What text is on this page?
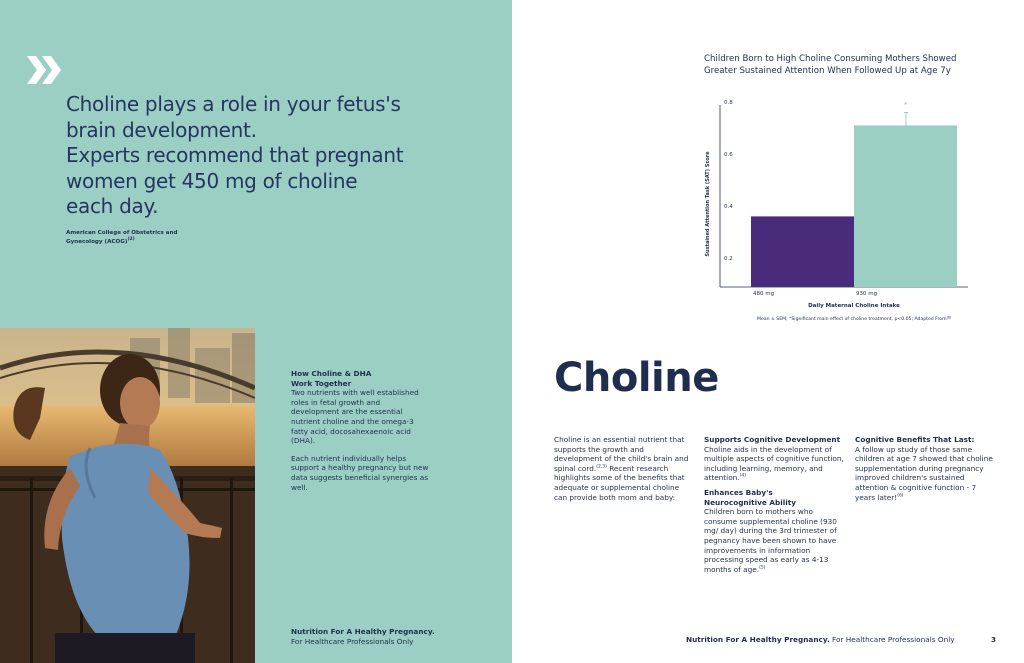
Choline plays a role in your fetus's

brain development.

Experts recommend that pregnant

women get 450 mg of choline

each day.

American College of Obstetrics and Gynecology (ACOG)$^{(2)}$
How Choline & DHA
Work Together

Two nutrients with well established roles in fetal growth and development are the essential nutrient choline and the omega-3 fatty acid, docosahexaenoic acid (DHA).

Each nutrient individually helps support a healthy pregnancy but new data suggests beneficial synergies as well.

Nutrition For A Healthy Pregnancy.
For Healthcare Professionals Only
Children Born to High Choline Consuming Mothers Showed Greater Sustained Attention When Followed Up at Age 7y
0.2
0.4
0.6
0.8
480 mg	930 mg
*
Daily Maternal Choline Intake
Sustained Attention Task (SAT) Score
Mean ± SEM; *Significant main effect of choline treatment, p<0.05; Adapted From$^{(6)}$
Choline

Choline is an essential nutrient that supports the growth and development of the child's brain and spinal cord.$^{(2,3)}$ Recent research highlights some of the benefits that adequate or supplemental choline can provide both mom and baby:

Supports Cognitive Development

Choline aids in the development of multiple aspects of cognitive function, including learning, memory, and attention.$^{(4)}$

Enhances Baby's
Neurocognitive Ability

Children born to mothers who consume supplemental choline (930 mg/ day) during the 3rd trimester of pegnancy have been shown to have improvements in information processing speed as early as 4-13 months of age.$^{(5)}$

Cognitive Benefits That Last:

A follow up study of those same children at age 7 showed that choline supplementation during pregnancy improved children's sustained attention & cognitive function - 7 years later!$^{(6)}$

Nutrition For A Healthy Pregnancy. For Healthcare Professionals Only	3
